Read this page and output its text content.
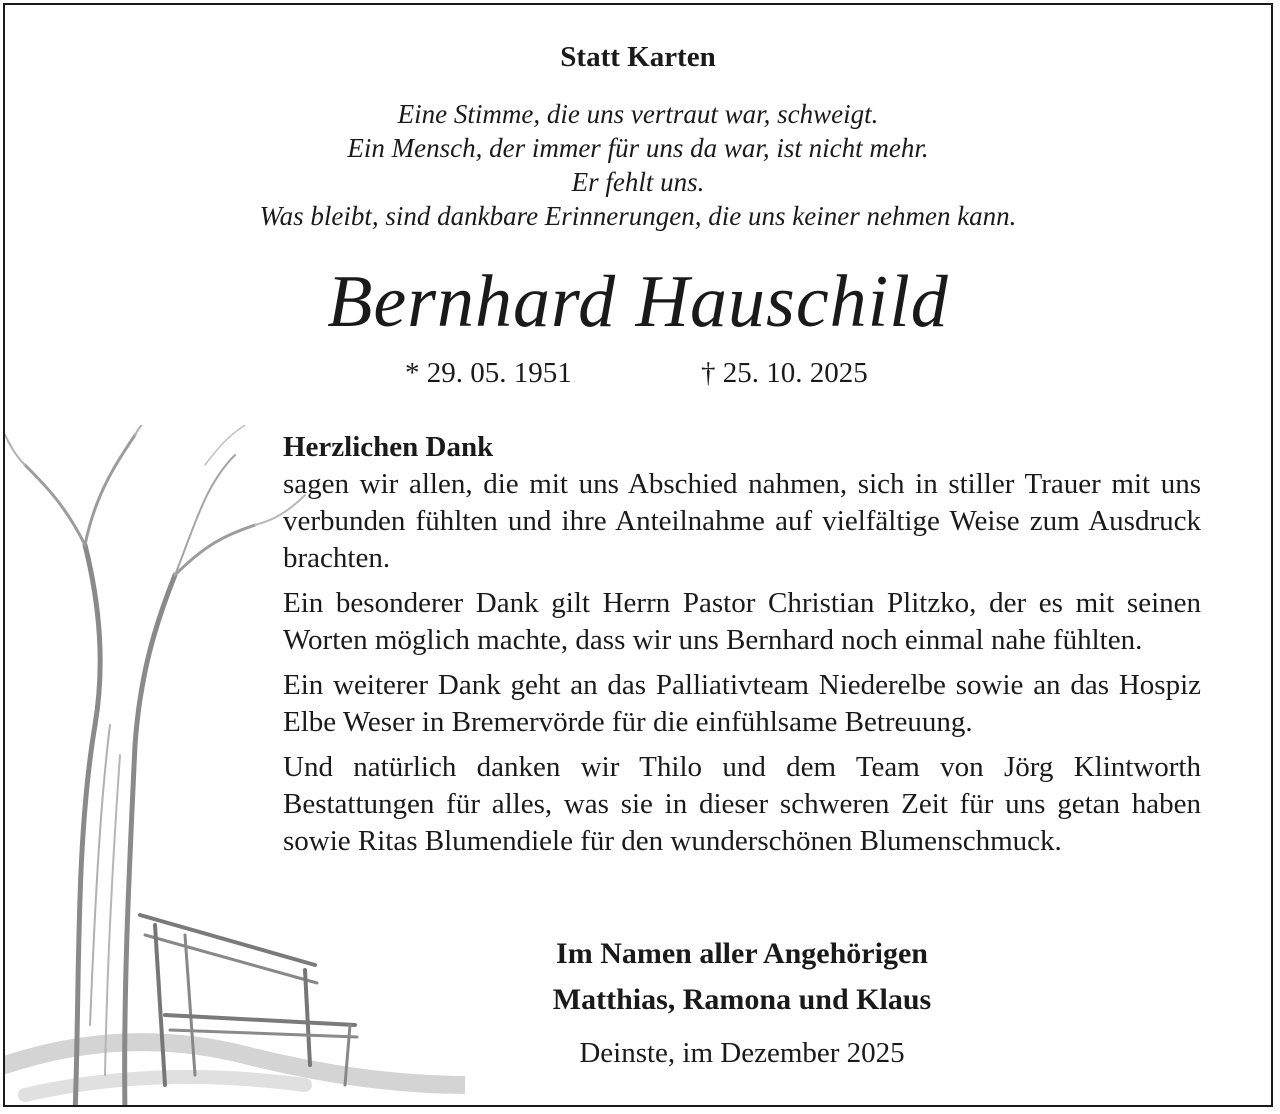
Statt Karten
Eine Stimme, die uns vertraut war, schweigt.
Ein Mensch, der immer für uns da war, ist nicht mehr.
Er fehlt uns.
Was bleibt, sind dankbare Erinnerungen, die uns keiner nehmen kann.
Bernhard Hauschild
* 29. 05. 1951	† 25. 10. 2025

Herzlichen Dank

sagen wir allen, die mit uns Abschied nahmen, sich in stiller Trauer mit uns verbunden fühlten und ihre Anteilnahme auf vielfältige Weise zum Ausdruck brachten.

Ein besonderer Dank gilt Herrn Pastor Christian Plitzko, der es mit seinen Worten möglich machte, dass wir uns Bernhard noch einmal nahe fühlten.

Ein weiterer Dank geht an das Palliativteam Niederelbe sowie an das Hospiz Elbe Weser in Bremervörde für die einfühlsame Betreuung.

Und natürlich danken wir Thilo und dem Team von Jörg Klintworth Bestattungen für alles, was sie in dieser schweren Zeit für uns getan haben sowie Ritas Blumendiele für den wunderschönen Blumenschmuck.

Im Namen aller Angehörigen
Matthias, Ramona und Klaus
Deinste, im Dezember 2025
